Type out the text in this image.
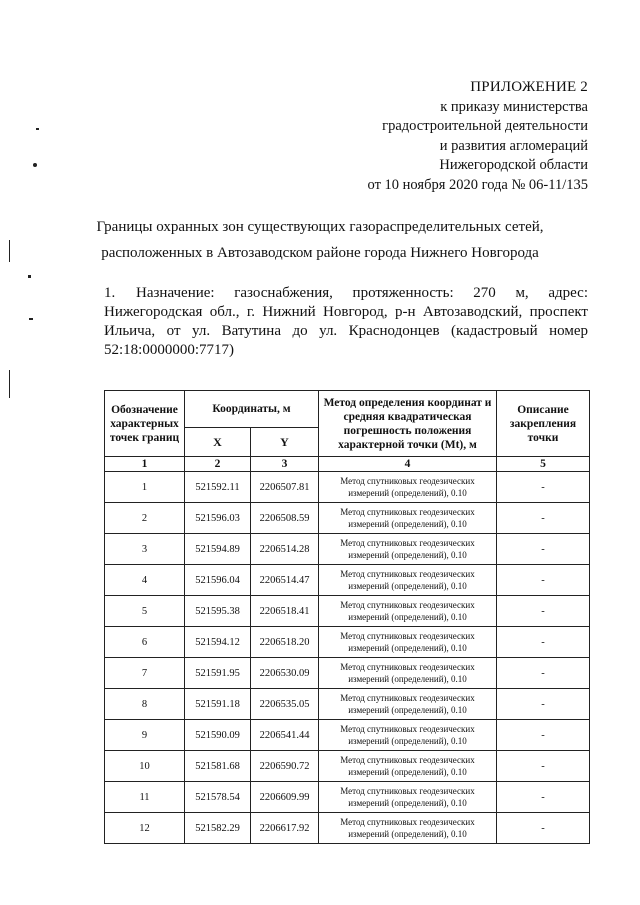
ПРИЛОЖЕНИЕ 2
к приказу министерства
градостроительной деятельности
и развития агломераций
Нижегородской области
от 10 ноября 2020 года № 06-11/135
Границы охранных зон существующих газораспределительных сетей,
расположенных в Автозаводском районе города Нижнего Новгорода
1. Назначение: газоснабжения, протяженность: 270 м, адрес: Нижегородская обл., г. Нижний Новгород, р-н Автозаводский, проспект Ильича, от ул. Ватутина до ул. Краснодонцев (кадастровый номер 52:18:0000000:7717)
Обозначение характерных точек границ	Координаты, м		Метод определения координат и средняя квадратическая погрешность положения характерной точки (Mt), м	Описание закрепления точки
	X	Y		
1	2	3	4	5
1	521592.11	2206507.81	Метод спутниковых геодезических измерений (определений), 0.10	-
2	521596.03	2206508.59	Метод спутниковых геодезических измерений (определений), 0.10	-
3	521594.89	2206514.28	Метод спутниковых геодезических измерений (определений), 0.10	-
4	521596.04	2206514.47	Метод спутниковых геодезических измерений (определений), 0.10	-
5	521595.38	2206518.41	Метод спутниковых геодезических измерений (определений), 0.10	-
6	521594.12	2206518.20	Метод спутниковых геодезических измерений (определений), 0.10	-
7	521591.95	2206530.09	Метод спутниковых геодезических измерений (определений), 0.10	-
8	521591.18	2206535.05	Метод спутниковых геодезических измерений (определений), 0.10	-
9	521590.09	2206541.44	Метод спутниковых геодезических измерений (определений), 0.10	-
10	521581.68	2206590.72	Метод спутниковых геодезических измерений (определений), 0.10	-
11	521578.54	2206609.99	Метод спутниковых геодезических измерений (определений), 0.10	-
12	521582.29	2206617.92	Метод спутниковых геодезических измерений (определений), 0.10	-
